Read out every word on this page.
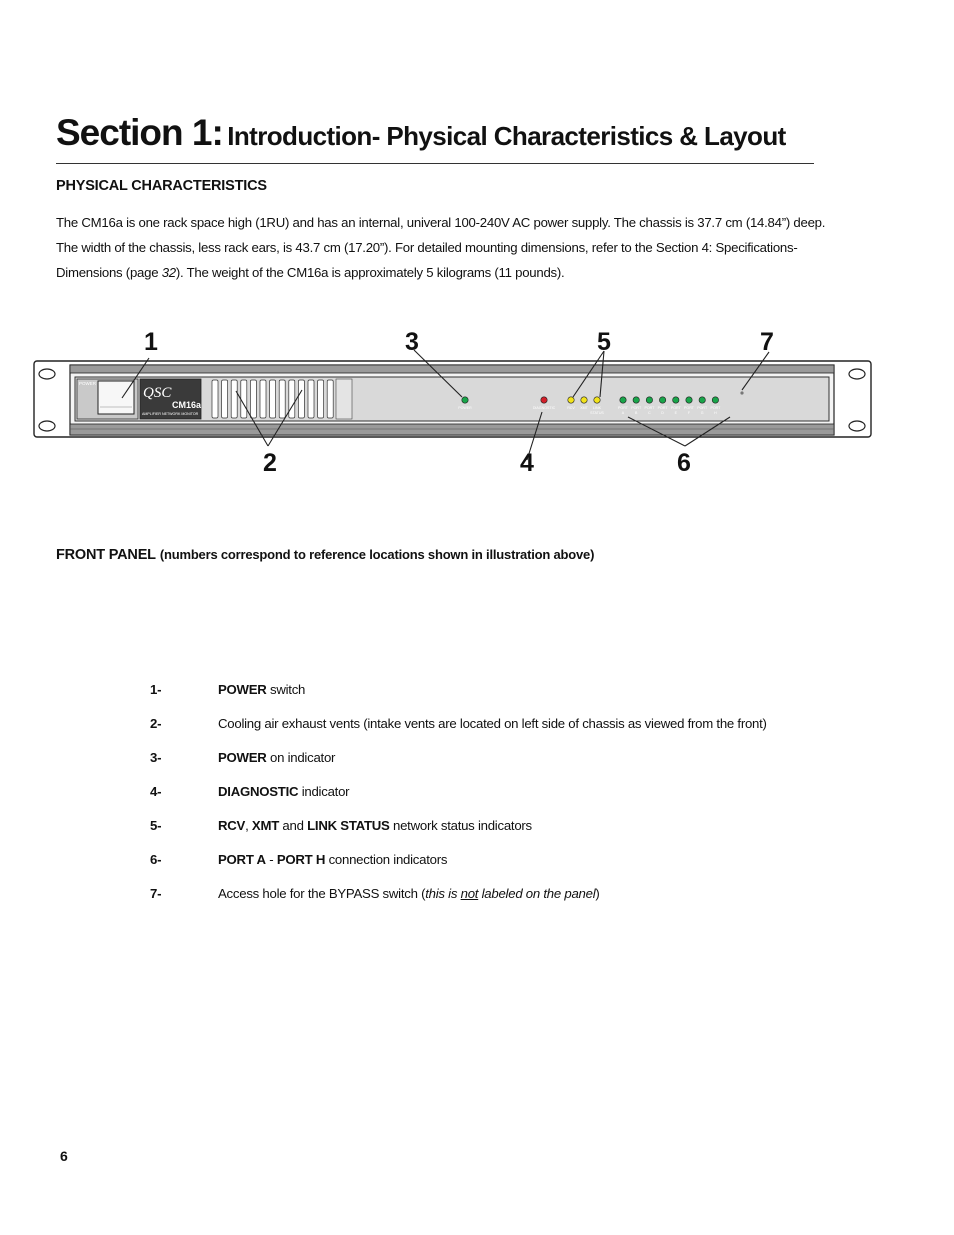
Section 1: Introduction- Physical Characteristics & Layout
PHYSICAL CHARACTERISTICS
The CM16a is one rack space high (1RU) and has an internal, univeral 100-240V AC power supply. The chassis is 37.7 cm (14.84”) deep.
The width of the chassis, less rack ears, is 43.7 cm (17.20”). For detailed mounting dimensions, refer to the Section 4: Specifications-
Dimensions (page 32). The weight of the CM16a is approximately 5 kilograms (11 pounds).
POWER
QSC
CM16a
AMPLIFIER NETWORK MONITOR
POWER	DIAGNOSTIC	RCV XMT LINK
STATUS
PORT
A
PORT
B
PORT
C
PORT
D
PORT
E
PORT
F
PORT
G
PORT
H
1
2
3
4
5
6
7
FRONT PANEL (numbers correspond to reference locations shown in illustration above)
1-	POWER switch
2-	Cooling air exhaust vents (intake vents are located on left side of chassis as viewed from the front)
3-	POWER on indicator
4-	DIAGNOSTIC indicator
5-	RCV, XMT and LINK STATUS network status indicators
6-	PORT A - PORT H connection indicators
7-	Access hole for the BYPASS switch (this is not labeled on the panel)
6
